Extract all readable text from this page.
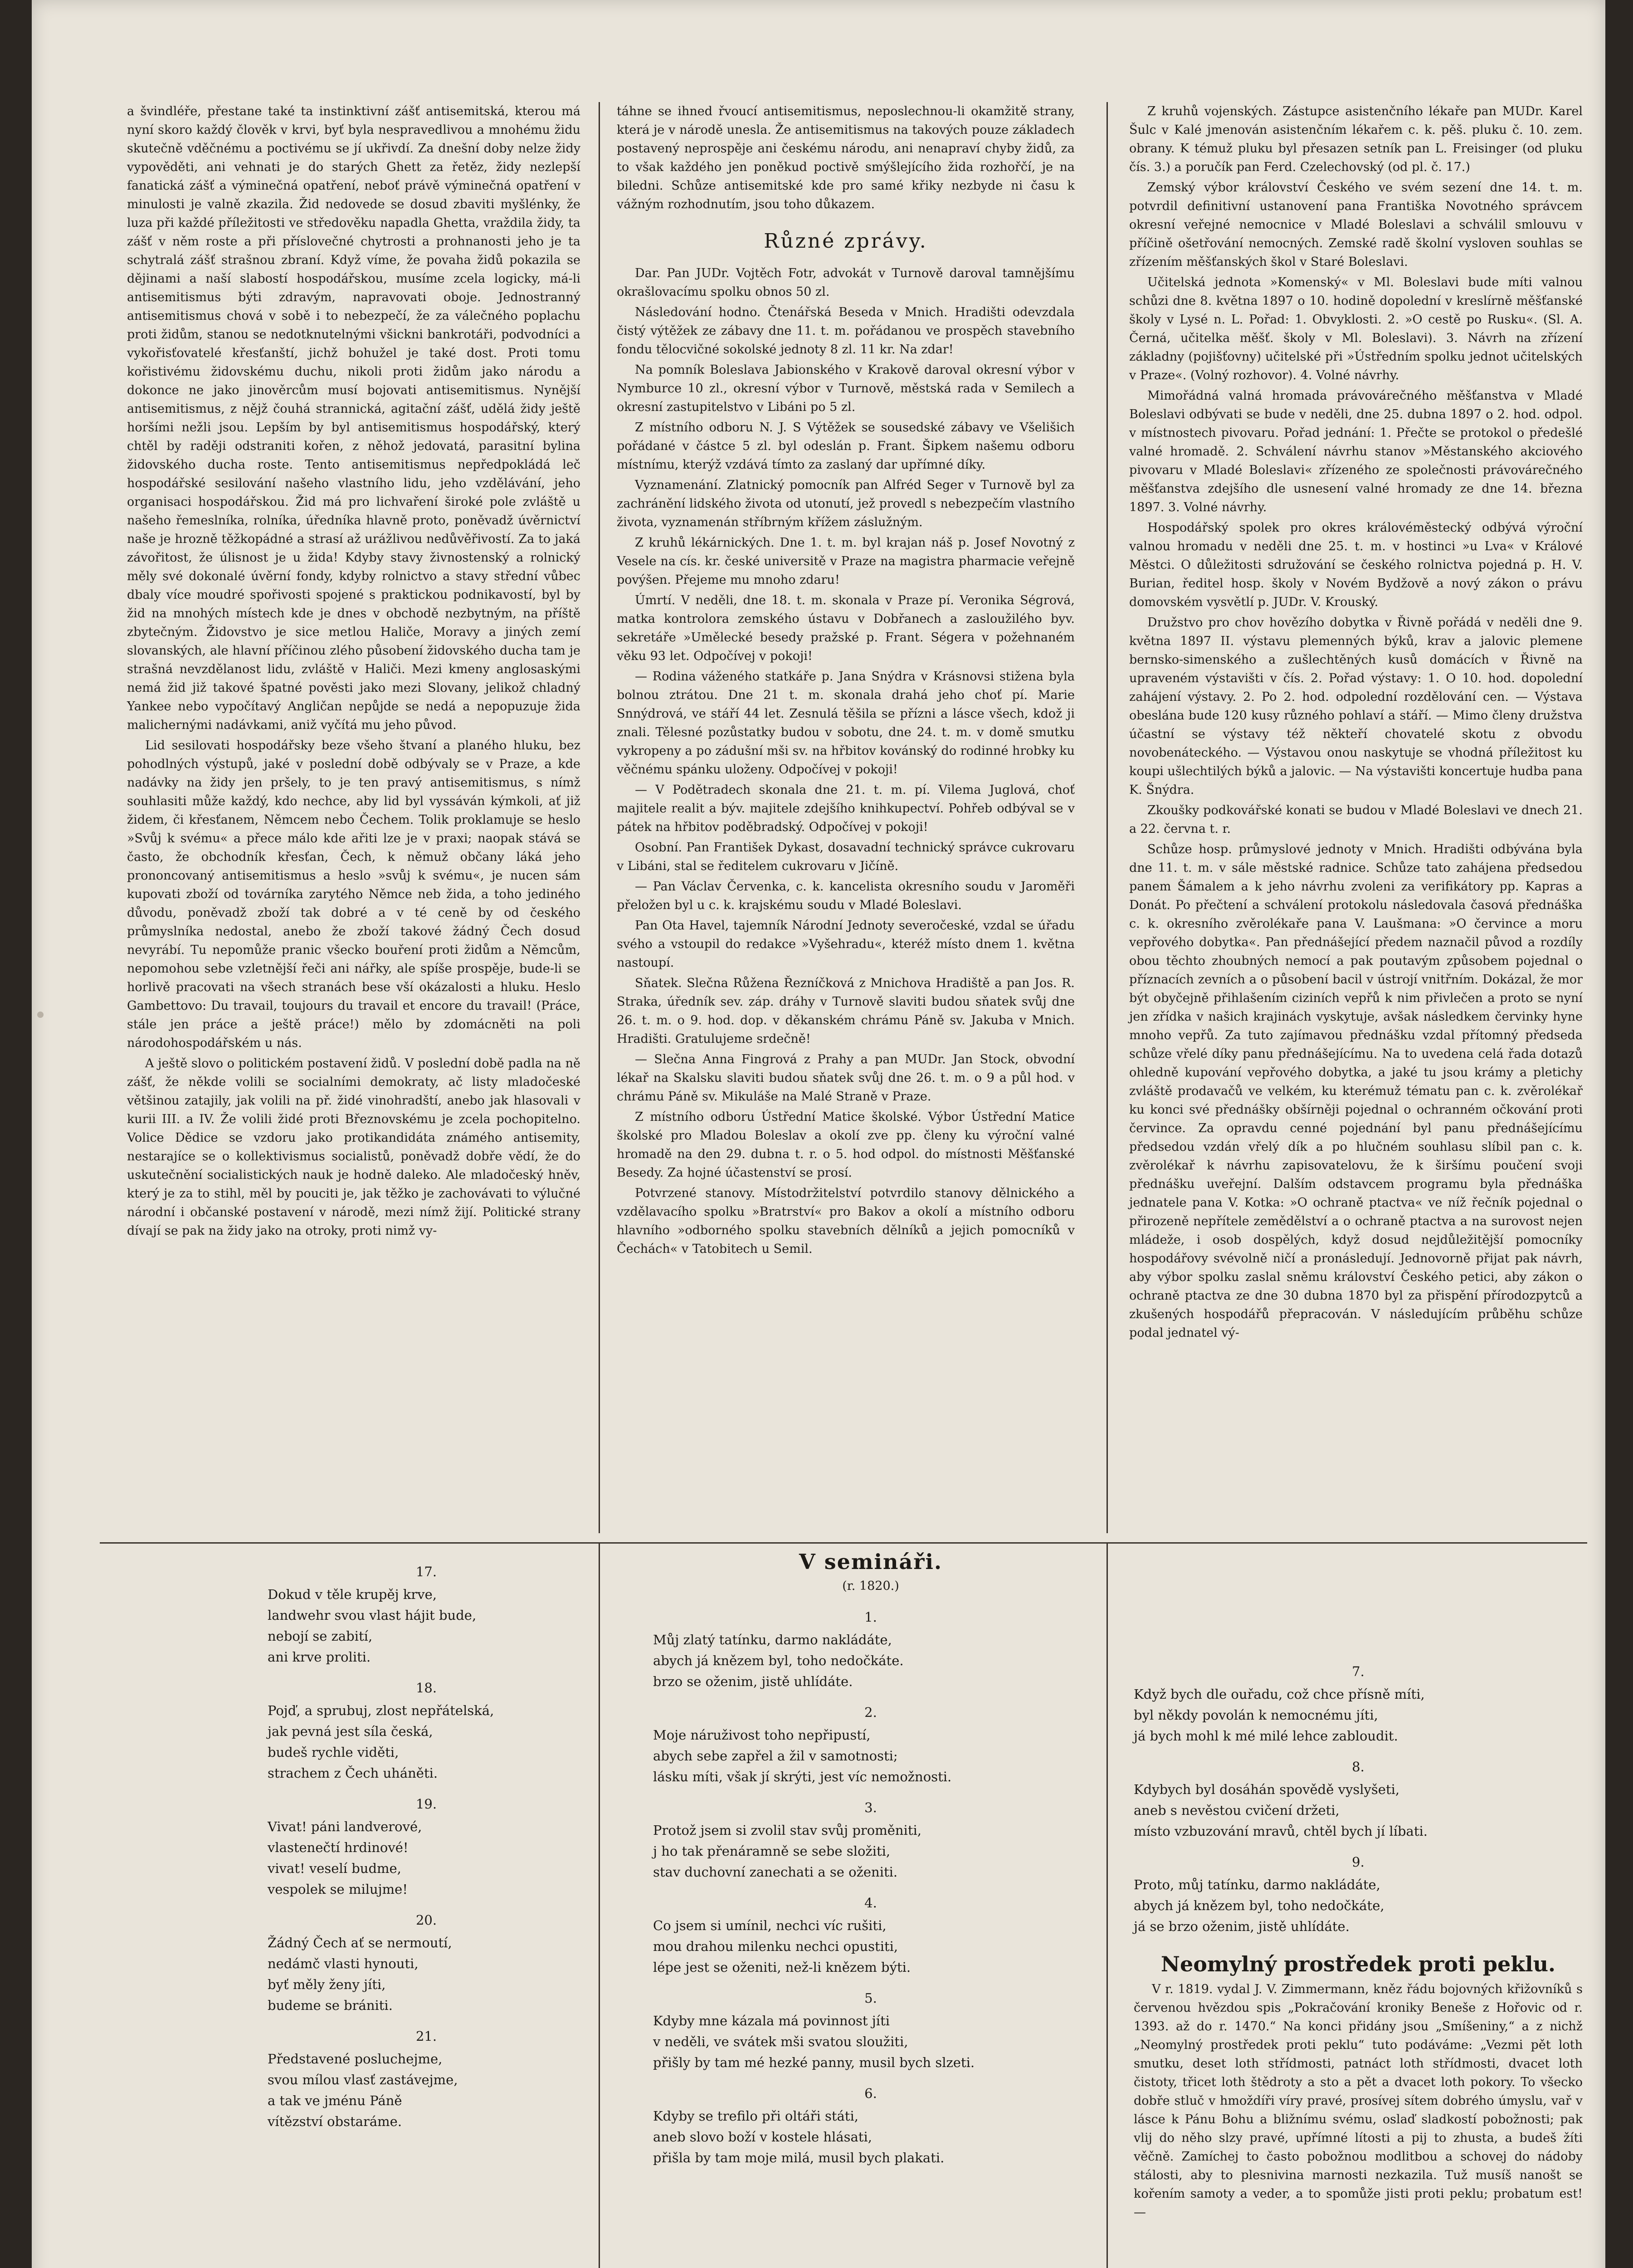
a švindléře, přestane také ta instinktivní zášť antisemitská, kterou má nyní skoro každý člověk v krvi, byť byla nespravedlivou a mnohému židu skutečně vděčnému a poctivému se jí ukřivdí. Za dnešní doby nelze židy vypověděti, ani vehnati je do starých Ghett za řetěz, židy nezlepší fanatická zášť a výminečná opatření, neboť právě výminečná opatření v minulosti je valně zkazila. Žid nedovede se dosud zbaviti myšlénky, že luza při každé příležitosti ve středověku napadla Ghetta, vraždila židy, ta zášť v něm roste a při příslovečné chytrosti a prohnanosti jeho je ta schytralá zášť strašnou zbraní. Když víme, že povaha židů pokazila se dějinami a naší slabostí hospodářskou, musíme zcela logicky, má-li antisemitismus býti zdravým, napravovati oboje. Jednostranný antisemitismus chová v sobě i to nebezpečí, že za válečného poplachu proti židům, stanou se nedotknutelnými všickni bankrotáři, podvodníci a vykořisťovatelé křesťanští, jichž bohužel je také dost. Proti tomu kořistivému židovskému duchu, nikoli proti židům jako národu a dokonce ne jako jinověrcům musí bojovati antisemitismus. Nynější antisemitismus, z nějž čouhá strannická, agitační zášť, udělá židy ještě horšími nežli jsou. Lepším by byl antisemitismus hospodářský, který chtěl by raději odstraniti kořen, z něhož jedovatá, parasitní bylina židovského ducha roste. Tento antisemitismus nepředpokládá leč hospodářské sesilování našeho vlastního lidu, jeho vzdělávání, jeho organisaci hospodářskou. Žid má pro lichvaření široké pole zvláště u našeho řemeslníka, rolníka, úředníka hlavně proto, poněvadž úvěrnictví naše je hrozně těžkopádné a strasí až urážlivou nedůvěřivostí. Za to jaká závořitost, že úlisnost je u žida! Kdyby stavy živnostenský a rolnický měly své dokonalé úvěrní fondy, kdyby rolnictvo a stavy střední vůbec dbaly více moudré spořivosti spojené s praktickou podnikavostí, byl by žid na mnohých místech kde je dnes v obchodě nezbytným, na příště zbytečným. Židovstvo je sice metlou Haliče, Moravy a jiných zemí slovanských, ale hlavní příčinou zlého působení židovského ducha tam je strašná nevzdělanost lidu, zvláště v Haliči. Mezi kmeny anglosaskými nemá žid již takové špatné pověsti jako mezi Slovany, jelikož chladný Yankee nebo vypočítavý Angličan nepůjde se nedá a nepopuzuje žida malichernými nadávkami, aniž vyčítá mu jeho původ.

Lid sesilovati hospodářsky beze všeho štvaní a planého hluku, bez pohodlných výstupů, jaké v poslední době odbývaly se v Praze, a kde nadávky na židy jen pršely, to je ten pravý antisemitismus, s nímž souhlasiti může každý, kdo nechce, aby lid byl vyssáván kýmkoli, ať již židem, či křesťanem, Němcem nebo Čechem. Tolik proklamuje se heslo »Svůj k svému« a přece málo kde ařiti lze je v praxi; naopak stává se často, že obchodník křesťan, Čech, k němuž občany láká jeho prononcovaný antisemitismus a heslo »svůj k svému«, je nucen sám kupovati zboží od továrníka zarytého Němce neb žida, a toho jediného důvodu, poněvadž zboží tak dobré a v té ceně by od českého průmyslníka nedostal, anebo že zboží takové žádný Čech dosud nevyrábí. Tu nepomůže pranic všecko bouření proti židům a Němcům, nepomohou sebe vzletnější řeči ani nářky, ale spíše prospěje, bude-li se horlivě pracovati na všech stranách bese vší okázalosti a hluku. Heslo Gambettovo: Du travail, toujours du travail et encore du travail! (Práce, stále jen práce a ještě práce!) mělo by zdomácněti na poli národohospodářském u nás.

A ještě slovo o politickém postavení židů. V poslední době padla na ně zášť, že někde volili se socialními demokraty, ač listy mladočeské většinou zatajily, jak volili na př. židé vinohradští, anebo jak hlasovali v kurii III. a IV. Že volili židé proti Březnovskému je zcela pochopitelno. Volice Dědice se vzdoru jako protikandidáta známého antisemity, nestarajíce se o kollektivismus socialistů, poněvadž dobře vědí, že do uskutečnění socialistických nauk je hodně daleko. Ale mladočeský hněv, který je za to stihl, měl by pouciti je, jak těžko je zachovávati to výlučné národní i občanské postavení v národě, mezi nímž žijí. Politické strany dívají se pak na židy jako na otroky, proti nimž vy-

táhne se ihned řvoucí antisemitismus, neposlechnou-li okamžitě strany, která je v národě unesla. Že antisemitismus na takových pouze základech postavený neprospěje ani českému národu, ani nenapraví chyby židů, za to však každého jen poněkud poctivě smýšlejícího žida rozhořčí, je na biledni. Schůze antisemitské kde pro samé křiky nezbyde ni času k vážným rozhodnutím, jsou toho důkazem.

Různé zprávy.

Dar. Pan JUDr. Vojtěch Fotr, advokát v Turnově daroval tamnějšímu okrašlovacímu spolku obnos 50 zl.

Následování hodno. Čtenářská Beseda v Mnich. Hradišti odevzdala čistý výtěžek ze zábavy dne 11. t. m. pořádanou ve prospěch stavebního fondu tělocvičné sokolské jednoty 8 zl. 11 kr. Na zdar!

Na pomník Boleslava Jabionského v Krakově daroval okresní výbor v Nymburce 10 zl., okresní výbor v Turnově, městská rada v Semilech a okresní zastupitelstvo v Libáni po 5 zl.

Z místního odboru N. J. S Výtěžek se sousedské zábavy ve Všelišich pořádané v částce 5 zl. byl odeslán p. Frant. Šipkem našemu odboru místnímu, kterýž vzdává tímto za zaslaný dar upřímné díky.

Vyznamenání. Zlatnický pomocník pan Alfréd Seger v Turnově byl za zachránění lidského života od utonutí, jež provedl s nebezpečím vlastního života, vyznamenán stříbrným křížem záslužným.

Z kruhů lékárnických. Dne 1. t. m. byl krajan náš p. Josef Novotný z Vesele na cís. kr. české universitě v Praze na magistra pharmacie veřejně povýšen. Přejeme mu mnoho zdaru!

Úmrtí. V neděli, dne 18. t. m. skonala v Praze pí. Veronika Ségrová, matka kontrolora zemského ústavu v Dobřanech a zasloužilého byv. sekretáře »Umělecké besedy pražské p. Frant. Ségera v požehnaném věku 93 let. Odpočívej v pokoji!

— Rodina váženého statkáře p. Jana Snýdra v Krásnovsi stižena byla bolnou ztrátou. Dne 21 t. m. skonala drahá jeho choť pí. Marie Snnýdrová, ve stáří 44 let. Zesnulá těšila se přízni a lásce všech, kdož ji znali. Tělesné pozůstatky budou v sobotu, dne 24. t. m. v domě smutku vykropeny a po zádušní mši sv. na hřbitov kovánský do rodinné hrobky ku věčnému spánku uloženy. Odpočívej v pokoji!

— V Podětradech skonala dne 21. t. m. pí. Vilema Juglová, choť majitele realit a býv. majitele zdejšího knihkupectví. Pohřeb odbýval se v pátek na hřbitov poděbradský. Odpočívej v pokoji!

Osobní. Pan František Dykast, dosavadní technický správce cukrovaru v Libáni, stal se ředitelem cukrovaru v Jičíně.

— Pan Václav Červenka, c. k. kancelista okresního soudu v Jaroměři přeložen byl u c. k. krajskému soudu v Mladé Boleslavi.

Pan Ota Havel, tajemník Národní Jednoty severočeské, vzdal se úřadu svého a vstoupil do redakce »Vyšehradu«, kteréž místo dnem 1. května nastoupí.

Sňatek. Slečna Růžena Řezníčková z Mnichova Hradiště a pan Jos. R. Straka, úředník sev. záp. dráhy v Turnově slaviti budou sňatek svůj dne 26. t. m. o 9. hod. dop. v děkanském chrámu Páně sv. Jakuba v Mnich. Hradišti. Gratulujeme srdečně!

— Slečna Anna Fingrová z Prahy a pan MUDr. Jan Stock, obvodní lékař na Skalsku slaviti budou sňatek svůj dne 26. t. m. o 9 a půl hod. v chrámu Páně sv. Mikuláše na Malé Straně v Praze.

Z místního odboru Ústřední Matice školské. Výbor Ústřední Matice školské pro Mladou Boleslav a okolí zve pp. členy ku výroční valné hromadě na den 29. dubna t. r. o 5. hod odpol. do místnosti Měšťanské Besedy. Za hojné účastenství se prosí.

Potvrzené stanovy. Místodržitelství potvrdilo stanovy dělnického a vzdělavacího spolku »Bratrství« pro Bakov a okolí a místního odboru hlavního »odborného spolku stavebních dělníků a jejich pomocníků v Čechách« v Tatobitech u Semil.

Z kruhů vojenských. Zástupce asistenčního lékaře pan MUDr. Karel Šulc v Kalé jmenován asistenčním lékařem c. k. pěš. pluku č. 10. zem. obrany. K témuž pluku byl přesazen setník pan L. Freisinger (od pluku čís. 3.) a poručík pan Ferd. Czelechovský (od pl. č. 17.)

Zemský výbor království Českého ve svém sezení dne 14. t. m. potvrdil definitivní ustanovení pana Františka Novotného správcem okresní veřejné nemocnice v Mladé Boleslavi a schválil smlouvu v příčině ošetřování nemocných. Zemské radě školní vysloven souhlas se zřízením měšťanských škol v Staré Boleslavi.

Učitelská jednota »Komenský« v Ml. Boleslavi bude míti valnou schůzi dne 8. května 1897 o 10. hodině dopolední v kreslírně měšťanské školy v Lysé n. L. Pořad: 1. Obvyklosti. 2. »O cestě po Rusku«. (Sl. A. Černá, učitelka měšť. školy v Ml. Boleslavi). 3. Návrh na zřízení základny (pojišťovny) učitelské při »Ústředním spolku jednot učitelských v Praze«. (Volný rozhovor). 4. Volné návrhy.

Mimořádná valná hromada právovárečného měšťanstva v Mladé Boleslavi odbývati se bude v neděli, dne 25. dubna 1897 o 2. hod. odpol. v místnostech pivovaru. Pořad jednání: 1. Přečte se protokol o předešlé valné hromadě. 2. Schválení návrhu stanov »Městanského akciového pivovaru v Mladé Boleslavi« zřízeného ze společnosti právovárečného měšťanstva zdejšího dle usnesení valné hromady ze dne 14. března 1897. 3. Volné návrhy.

Hospodářský spolek pro okres královéměstecký odbývá výroční valnou hromadu v neděli dne 25. t. m. v hostinci »u Lva« v Králové Městci. O důležitosti sdružování se českého rolnictva pojedná p. H. V. Burian, ředitel hosp. školy v Novém Bydžově a nový zákon o právu domovském vysvětlí p. JUDr. V. Krouský.

Družstvo pro chov hovězího dobytka v Řivně pořádá v neděli dne 9. května 1897 II. výstavu plemenných býků, krav a jalovic plemene bernsko-simenského a zušlechtěných kusů domácích v Řivně na upraveném výstavišti v čís. 2. Pořad výstavy: 1. O 10. hod. dopolední zahájení výstavy. 2. Po 2. hod. odpolední rozdělování cen. — Výstava obeslána bude 120 kusy různého pohlaví a stáří. — Mimo členy družstva účastní se výstavy též někteří chovatelé skotu z obvodu novobenáteckého. — Výstavou onou naskytuje se vhodná příležitost ku koupi ušlechtilých býků a jalovic. — Na výstavišti koncertuje hudba pana K. Šnýdra.

Zkoušky podkovářské konati se budou v Mladé Boleslavi ve dnech 21. a 22. června t. r.

Schůze hosp. průmyslové jednoty v Mnich. Hradišti odbývána byla dne 11. t. m. v sále městské radnice. Schůze tato zahájena předsedou panem Šámalem a k jeho návrhu zvoleni za verifikátory pp. Kapras a Donát. Po přečtení a schválení protokolu následovala časová přednáška c. k. okresního zvěrolékaře pana V. Laušmana: »O červince a moru vepřového dobytka«. Pan přednášející předem naznačil původ a rozdíly obou těchto zhoubných nemocí a pak poutavým způsobem pojednal o příznacích zevních a o působení bacil v ústrojí vnitřním. Dokázal, že mor být obyčejně přihlašením ciziních vepřů k nim přivlečen a proto se nyní jen zřídka v našich krajinách vyskytuje, avšak následkem červinky hyne mnoho vepřů. Za tuto zajímavou přednášku vzdal přítomný předseda schůze vřelé díky panu přednášejícímu. Na to uvedena celá řada dotazů ohledně kupování vepřového dobytka, a jaké tu jsou krámy a pletichy zvláště prodavačů ve velkém, ku kterémuž tématu pan c. k. zvěrolékař ku konci své přednášky obšírněji pojednal o ochranném očkování proti červince. Za opravdu cenné pojednání byl panu přednášejícímu předsedou vzdán vřelý dík a po hlučném souhlasu slíbil pan c. k. zvěrolékař k návrhu zapisovatelovu, že k širšímu poučení svoji přednášku uveřejní. Dalším odstavcem programu byla přednáška jednatele pana V. Kotka: »O ochraně ptactva« ve níž řečník pojednal o přirozeně nepřítele zemědělství a o ochraně ptactva a na surovost nejen mládeže, i osob dospělých, když dosud nejdůležitější pomocníky hospodářovy svévolně ničí a pronásledují. Jednovorně přijat pak návrh, aby výbor spolku zaslal sněmu království Českého petici, aby zákon o ochraně ptactva ze dne 30 dubna 1870 byl za přispění přírodozpytců a zkušených hospodářů přepracován. V následujícím průběhu schůze podal jednatel vý-

17.
Dokud v těle krupěj krve,
landwehr svou vlast hájit bude,
nebojí se zabití,
ani krve proliti.
18.
Pojď, a sprubuj, zlost nepřátelská,
jak pevná jest síla česká,
budeš rychle viděti,
strachem z Čech uháněti.
19.
Vivat! páni landverové,
vlastenečtí hrdinové!
vivat! veselí budme,
vespolek se milujme!
20.
Žádný Čech ať se nermoutí,
nedámč vlasti hynouti,
byť měly ženy jíti,
budeme se brániti.
21.
Představené posluchejme,
svou mílou vlasť zastávejme,
a tak ve jménu Páně
vítězství obstaráme.
V semináři.
(r. 1820.)
1.
Můj zlatý tatínku, darmo nakládáte,
abych já knězem byl, toho nedočkáte.
brzo se oženim, jistě uhlídáte.
2.
Moje náruživost toho nepřipustí,
abych sebe zapřel a žil v samotnosti;
lásku míti, však jí skrýti, jest víc nemožnosti.
3.
Protož jsem si zvolil stav svůj proměniti,
j ho tak přenáramně se sebe složiti,
stav duchovní zanechati a se oženiti.
4.
Co jsem si umínil, nechci víc rušiti,
mou drahou milenku nechci opustiti,
lépe jest se oženiti, než-li knězem býti.
5.
Kdyby mne kázala má povinnost jíti
v neděli, ve svátek mši svatou sloužiti,
přišly by tam mé hezké panny, musil bych slzeti.
6.
Kdyby se trefilo při oltáři státi,
aneb slovo boží v kostele hlásati,
přišla by tam moje milá, musil bych plakati.
7.
Když bych dle ouřadu, což chce přísně míti,
byl někdy povolán k nemocnému jíti,
já bych mohl k mé milé lehce zabloudit.
8.
Kdybych byl dosáhán spovědě vyslyšeti,
aneb s nevěstou cvičení držeti,
místo vzbuzování mravů, chtěl bych jí líbati.
9.
Proto, můj tatínku, darmo nakládáte,
abych já knězem byl, toho nedočkáte,
já se brzo oženim, jistě uhlídáte.
Neomylný prostředek proti peklu.

V r. 1819. vydal J. V. Zimmermann, kněz řádu bojovných křižovníků s červenou hvězdou spis „Pokračování kroniky Beneše z Hořovic od r. 1393. až do r. 1470.“ Na konci přidány jsou „Smíšeniny,“ a z nichž „Neomylný prostředek proti peklu“ tuto podáváme: „Vezmi pět loth smutku, deset loth střídmosti, patnáct loth střídmosti, dvacet loth čistoty, třicet loth štědroty a sto a pět a dvacet loth pokory. To všecko dobře stluč v hmoždíři víry pravé, prosívej sítem dobrého úmyslu, vař v lásce k Pánu Bohu a bližnímu svému, oslaď sladkostí pobožnosti; pak vlij do něho slzy pravé, upřímné lítosti a pij to zhusta, a budeš žíti věčně. Zamíchej to často pobožnou modlitbou a schovej do nádoby stálosti, aby to plesnivina marnosti nezkazila. Tuž musíš nanošt se kořením samoty a veder, a to spomůže jisti proti peklu; probatum est! —
